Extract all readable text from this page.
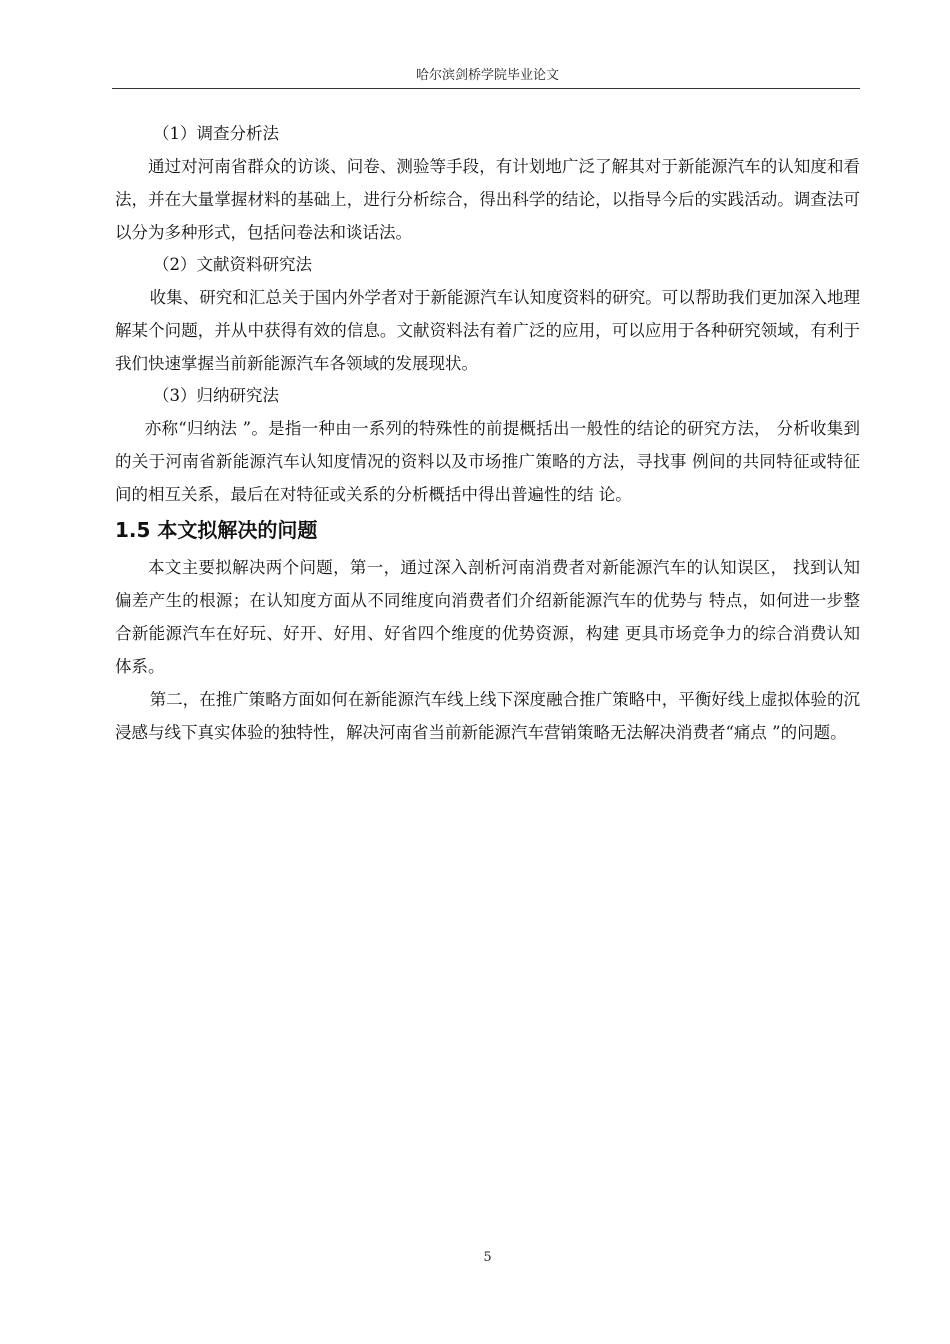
哈尔滨剑桥学院毕业论文

（1）调查分析法

通过对河南省群众的访谈、问卷、测验等手段，有计划地广泛了解其对于新能源汽车的认知度和看法，并在大量掌握材料的基础上，进行分析综合，得出科学的结论，以指导今后的实践活动。调查法可以分为多种形式，包括问卷法和谈话法。

（2）文献资料研究法

收集、研究和汇总关于国内外学者对于新能源汽车认知度资料的研究。可以帮助我们更加深入地理解某个问题，并从中获得有效的信息。文献资料法有着广泛的应用，可以应用于各种研究领域，有利于我们快速掌握当前新能源汽车各领域的发展现状。

（3）归纳研究法

亦称“归纳法 ”。是指一种由一系列的特殊性的前提概括出一般性的结论的研究方法， 分析收集到的关于河南省新能源汽车认知度情况的资料以及市场推广策略的方法，寻找事 例间的共同特征或特征间的相互关系，最后在对特征或关系的分析概括中得出普遍性的结 论。

1.5 本文拟解决的问题

本文主要拟解决两个问题，第一，通过深入剖析河南消费者对新能源汽车的认知误区， 找到认知偏差产生的根源；在认知度方面从不同维度向消费者们介绍新能源汽车的优势与 特点，如何进一步整合新能源汽车在好玩、好开、好用、好省四个维度的优势资源，构建 更具市场竞争力的综合消费认知体系。

第二，在推广策略方面如何在新能源汽车线上线下深度融合推广策略中，平衡好线上虚拟体验的沉浸感与线下真实体验的独特性，解决河南省当前新能源汽车营销策略无法解决消费者“痛点 ”的问题。

5
